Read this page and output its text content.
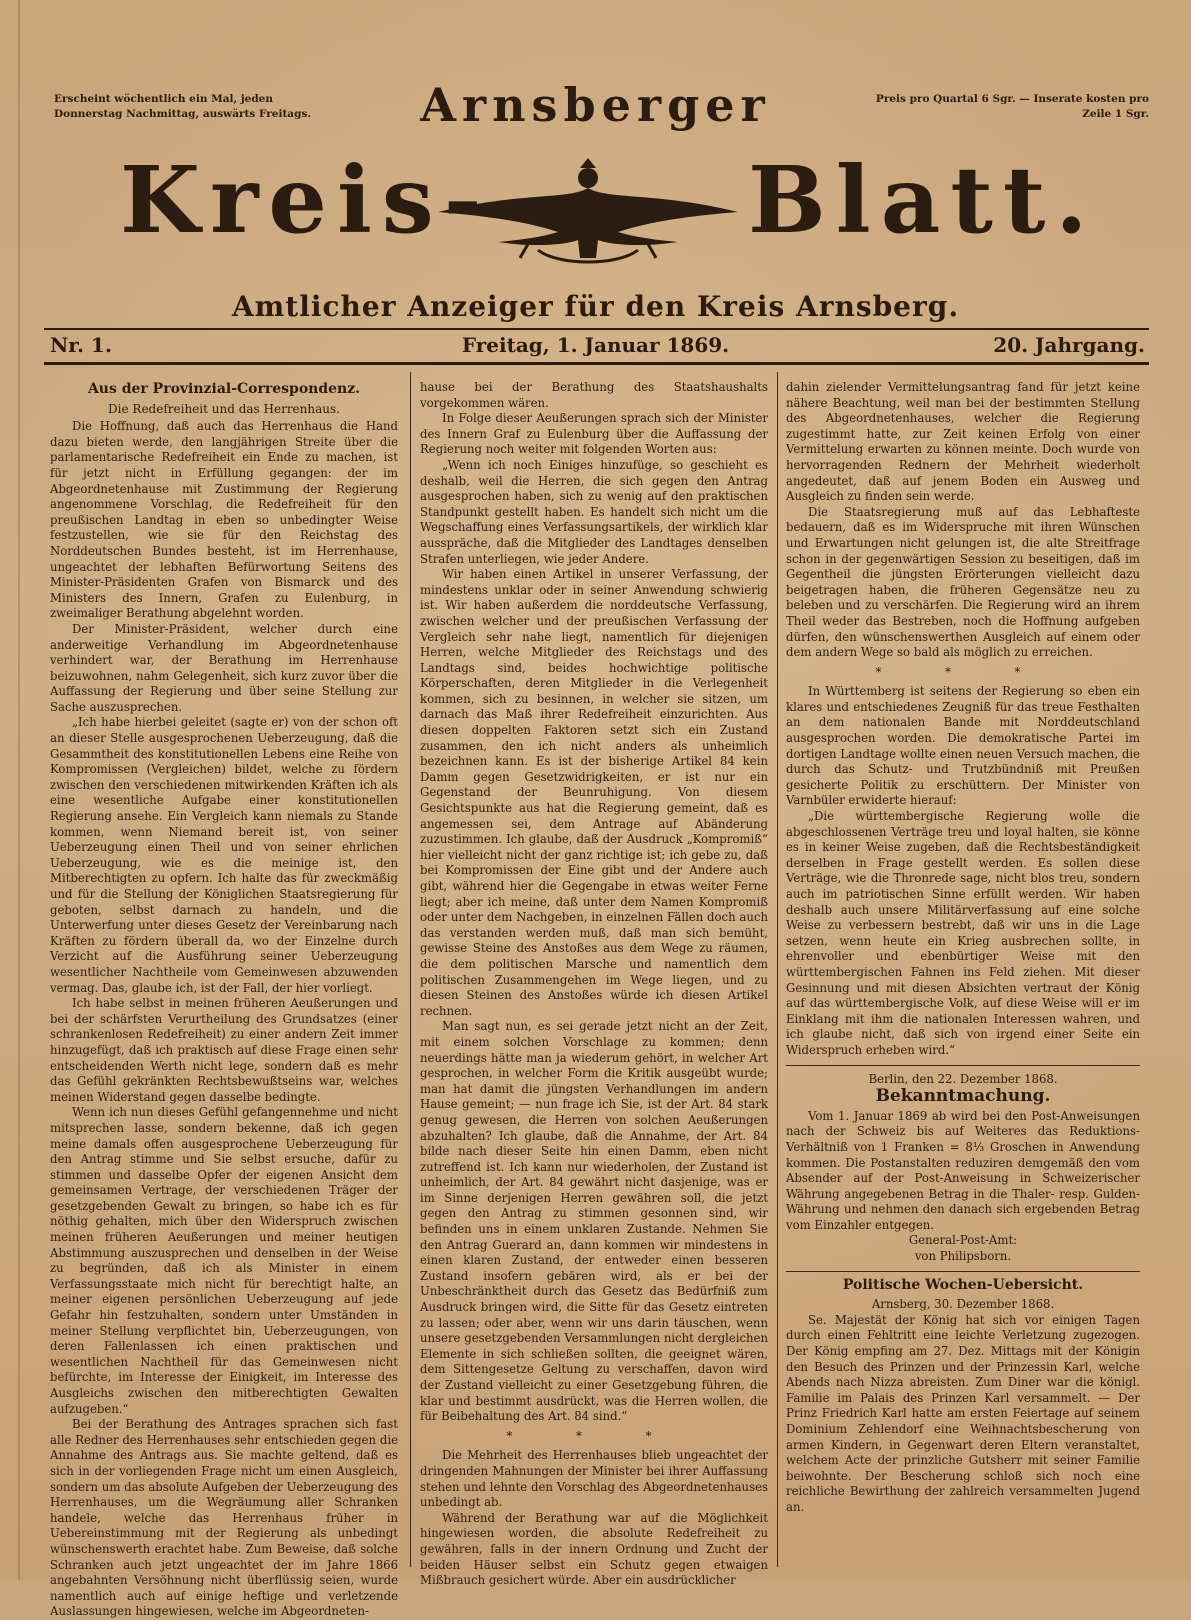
Erscheint wöchentlich ein Mal, jeden Donnerstag Nachmittag, auswärts Freitags.
Preis pro Quartal 6 Sgr. — Inserate kosten pro Zeile 1 Sgr.
Arnsberger
Kreis-	Blatt.
Amtlicher Anzeiger für den Kreis Arnsberg.
Nr. 1.	Freitag, 1. Januar 1869.	20. Jahrgang.
Aus der Provinzial-Correspondenz.
Die Redefreiheit und das Herrenhaus.

Die Hoffnung, daß auch das Herrenhaus die Hand dazu bieten werde, den langjährigen Streite über die parlamentarische Redefreiheit ein Ende zu machen, ist für jetzt nicht in Erfüllung gegangen: der im Abgeordnetenhause mit Zustimmung der Regierung angenommene Vorschlag, die Redefreiheit für den preußischen Landtag in eben so unbedingter Weise festzustellen, wie sie für den Reichstag des Norddeutschen Bundes besteht, ist im Herrenhause, ungeachtet der lebhaften Befürwortung Seitens des Minister-Präsidenten Grafen von Bismarck und des Ministers des Innern, Grafen zu Eulenburg, in zweimaliger Berathung abgelehnt worden.

Der Minister-Präsident, welcher durch eine anderweitige Verhandlung im Abgeordnetenhause verhindert war, der Berathung im Herrenhause beizuwohnen, nahm Gelegenheit, sich kurz zuvor über die Auffassung der Regierung und über seine Stellung zur Sache auszusprechen.

„Ich habe hierbei geleitet (sagte er) von der schon oft an dieser Stelle ausgesprochenen Ueberzeugung, daß die Gesammtheit des konstitutionellen Lebens eine Reihe von Kompromissen (Vergleichen) bildet, welche zu fördern zwischen den verschiedenen mitwirkenden Kräften ich als eine wesentliche Aufgabe einer konstitutionellen Regierung ansehe. Ein Vergleich kann niemals zu Stande kommen, wenn Niemand bereit ist, von seiner Ueberzeugung einen Theil und von seiner ehrlichen Ueberzeugung, wie es die meinige ist, den Mitberechtigten zu opfern. Ich halte das für zweckmäßig und für die Stellung der Königlichen Staatsregierung für geboten, selbst darnach zu handeln, und die Unterwerfung unter dieses Gesetz der Vereinbarung nach Kräften zu fördern überall da, wo der Einzelne durch Verzicht auf die Ausführung seiner Ueberzeugung wesentlicher Nachtheile vom Gemeinwesen abzuwenden vermag. Das, glaube ich, ist der Fall, der hier vorliegt.

Ich habe selbst in meinen früheren Aeußerungen und bei der schärfsten Verurtheilung des Grundsatzes (einer schrankenlosen Redefreiheit) zu einer andern Zeit immer hinzugefügt, daß ich praktisch auf diese Frage einen sehr entscheidenden Werth nicht lege, sondern daß es mehr das Gefühl gekränkten Rechtsbewußtseins war, welches meinen Widerstand gegen dasselbe bedingte.

Wenn ich nun dieses Gefühl gefangennehme und nicht mitsprechen lasse, sondern bekenne, daß ich gegen meine damals offen ausgesprochene Ueberzeugung für den Antrag stimme und Sie selbst ersuche, dafür zu stimmen und dasselbe Opfer der eigenen Ansicht dem gemeinsamen Vertrage, der verschiedenen Träger der gesetzgebenden Gewalt zu bringen, so habe ich es für nöthig gehalten, mich über den Widerspruch zwischen meinen früheren Aeußerungen und meiner heutigen Abstimmung auszusprechen und denselben in der Weise zu begründen, daß ich als Minister in einem Verfassungsstaate mich nicht für berechtigt halte, an meiner eigenen persönlichen Ueberzeugung auf jede Gefahr hin festzuhalten, sondern unter Umständen in meiner Stellung verpflichtet bin, Ueberzeugungen, von deren Fallenlassen ich einen praktischen und wesentlichen Nachtheil für das Gemeinwesen nicht befürchte, im Interesse der Einigkeit, im Interesse des Ausgleichs zwischen den mitberechtigten Gewalten aufzugeben.“

Bei der Berathung des Antrages sprachen sich fast alle Redner des Herrenhauses sehr entschieden gegen die Annahme des Antrags aus. Sie machte geltend, daß es sich in der vorliegenden Frage nicht um einen Ausgleich, sondern um das absolute Aufgeben der Ueberzeugung des Herrenhauses, um die Wegräumung aller Schranken handele, welche das Herrenhaus früher in Uebereinstimmung mit der Regierung als unbedingt wünschenswerth erachtet habe. Zum Beweise, daß solche Schranken auch jetzt ungeachtet der im Jahre 1866 angebahnten Versöhnung nicht überflüssig seien, wurde namentlich auch auf einige heftige und verletzende Auslassungen hingewiesen, welche im Abgeordneten-

hause bei der Berathung des Staatshaushalts vorgekommen wären.

In Folge dieser Aeußerungen sprach sich der Minister des Innern Graf zu Eulenburg über die Auffassung der Regierung noch weiter mit folgenden Worten aus:

„Wenn ich noch Einiges hinzufüge, so geschieht es deshalb, weil die Herren, die sich gegen den Antrag ausgesprochen haben, sich zu wenig auf den praktischen Standpunkt gestellt haben. Es handelt sich nicht um die Wegschaffung eines Verfassungsartikels, der wirklich klar ausspräche, daß die Mitglieder des Landtages denselben Strafen unterliegen, wie jeder Andere.

Wir haben einen Artikel in unserer Verfassung, der mindestens unklar oder in seiner Anwendung schwierig ist. Wir haben außerdem die norddeutsche Verfassung, zwischen welcher und der preußischen Verfassung der Vergleich sehr nahe liegt, namentlich für diejenigen Herren, welche Mitglieder des Reichstags und des Landtags sind, beides hochwichtige politische Körperschaften, deren Mitglieder in die Verlegenheit kommen, sich zu besinnen, in welcher sie sitzen, um darnach das Maß ihrer Redefreiheit einzurichten. Aus diesen doppelten Faktoren setzt sich ein Zustand zusammen, den ich nicht anders als unheimlich bezeichnen kann. Es ist der bisherige Artikel 84 kein Damm gegen Gesetzwidrigkeiten, er ist nur ein Gegenstand der Beunruhigung. Von diesem Gesichtspunkte aus hat die Regierung gemeint, daß es angemessen sei, dem Antrage auf Abänderung zuzustimmen. Ich glaube, daß der Ausdruck „Kompromiß“ hier vielleicht nicht der ganz richtige ist; ich gebe zu, daß bei Kompromissen der Eine gibt und der Andere auch gibt, während hier die Gegengabe in etwas weiter Ferne liegt; aber ich meine, daß unter dem Namen Kompromiß oder unter dem Nachgeben, in einzelnen Fällen doch auch das verstanden werden muß, daß man sich bemüht, gewisse Steine des Anstoßes aus dem Wege zu räumen, die dem politischen Marsche und namentlich dem politischen Zusammengehen im Wege liegen, und zu diesen Steinen des Anstoßes würde ich diesen Artikel rechnen.

Man sagt nun, es sei gerade jetzt nicht an der Zeit, mit einem solchen Vorschlage zu kommen; denn neuerdings hätte man ja wiederum gehört, in welcher Art gesprochen, in welcher Form die Kritik ausgeübt wurde; man hat damit die jüngsten Verhandlungen im andern Hause gemeint; — nun frage ich Sie, ist der Art. 84 stark genug gewesen, die Herren von solchen Aeußerungen abzuhalten? Ich glaube, daß die Annahme, der Art. 84 bilde nach dieser Seite hin einen Damm, eben nicht zutreffend ist. Ich kann nur wiederholen, der Zustand ist unheimlich, der Art. 84 gewährt nicht dasjenige, was er im Sinne derjenigen Herren gewähren soll, die jetzt gegen den Antrag zu stimmen gesonnen sind, wir befinden uns in einem unklaren Zustande. Nehmen Sie den Antrag Guerard an, dann kommen wir mindestens in einen klaren Zustand, der entweder einen besseren Zustand insofern gebären wird, als er bei der Unbeschränktheit durch das Gesetz das Bedürfniß zum Ausdruck bringen wird, die Sitte für das Gesetz eintreten zu lassen; oder aber, wenn wir uns darin täuschen, wenn unsere gesetzgebenden Versammlungen nicht dergleichen Elemente in sich schließen sollten, die geeignet wären, dem Sittengesetze Geltung zu verschaffen, davon wird der Zustand vielleicht zu einer Gesetzgebung führen, die klar und bestimmt ausdrückt, was die Herren wollen, die für Beibehaltung des Art. 84 sind.“

* * *

Die Mehrheit des Herrenhauses blieb ungeachtet der dringenden Mahnungen der Minister bei ihrer Auffassung stehen und lehnte den Vorschlag des Abgeordnetenhauses unbedingt ab.

Während der Berathung war auf die Möglichkeit hingewiesen worden, die absolute Redefreiheit zu gewähren, falls in der innern Ordnung und Zucht der beiden Häuser selbst ein Schutz gegen etwaigen Mißbrauch gesichert würde. Aber ein ausdrücklicher

dahin zielender Vermittelungsantrag fand für jetzt keine nähere Beachtung, weil man bei der bestimmten Stellung des Abgeordnetenhauses, welcher die Regierung zugestimmt hatte, zur Zeit keinen Erfolg von einer Vermittelung erwarten zu können meinte. Doch wurde von hervorragenden Rednern der Mehrheit wiederholt angedeutet, daß auf jenem Boden ein Ausweg und Ausgleich zu finden sein werde.

Die Staatsregierung muß auf das Lebhafteste bedauern, daß es im Widerspruche mit ihren Wünschen und Erwartungen nicht gelungen ist, die alte Streitfrage schon in der gegenwärtigen Session zu beseitigen, daß im Gegentheil die jüngsten Erörterungen vielleicht dazu beigetragen haben, die früheren Gegensätze neu zu beleben und zu verschärfen. Die Regierung wird an ihrem Theil weder das Bestreben, noch die Hoffnung aufgeben dürfen, den wünschenswerthen Ausgleich auf einem oder dem andern Wege so bald als möglich zu erreichen.

* * *

In Württemberg ist seitens der Regierung so eben ein klares und entschiedenes Zeugniß für das treue Festhalten an dem nationalen Bande mit Norddeutschland ausgesprochen worden. Die demokratische Partei im dortigen Landtage wollte einen neuen Versuch machen, die durch das Schutz- und Trutzbündniß mit Preußen gesicherte Politik zu erschüttern. Der Minister von Varnbüler erwiderte hierauf:

„Die württembergische Regierung wolle die abgeschlossenen Verträge treu und loyal halten, sie könne es in keiner Weise zugeben, daß die Rechtsbeständigkeit derselben in Frage gestellt werden. Es sollen diese Verträge, wie die Thronrede sage, nicht blos treu, sondern auch im patriotischen Sinne erfüllt werden. Wir haben deshalb auch unsere Militärverfassung auf eine solche Weise zu verbessern bestrebt, daß wir uns in die Lage setzen, wenn heute ein Krieg ausbrechen sollte, in ehrenvoller und ebenbürtiger Weise mit den württembergischen Fahnen ins Feld ziehen. Mit dieser Gesinnung und mit diesen Absichten vertraut der König auf das württembergische Volk, auf diese Weise will er im Einklang mit ihm die nationalen Interessen wahren, und ich glaube nicht, daß sich von irgend einer Seite ein Widerspruch erheben wird.“

Berlin, den 22. Dezember 1868.

Bekanntmachung.

Vom 1. Januar 1869 ab wird bei den Post-Anweisungen nach der Schweiz bis auf Weiteres das Reduktions-Verhältniß von 1 Franken = 8⅓ Groschen in Anwendung kommen. Die Postanstalten reduziren demgemäß den vom Absender auf der Post-Anweisung in Schweizerischer Währung angegebenen Betrag in die Thaler- resp. Gulden-Währung und nehmen den danach sich ergebenden Betrag vom Einzahler entgegen.

General-Post-Amt:

von Philipsborn.

Politische Wochen-Uebersicht.

Arnsberg, 30. Dezember 1868.

Se. Majestät der König hat sich vor einigen Tagen durch einen Fehltritt eine leichte Verletzung zugezogen. Der König empfing am 27. Dez. Mittags mit der Königin den Besuch des Prinzen und der Prinzessin Karl, welche Abends nach Nizza abreisten. Zum Diner war die königl. Familie im Palais des Prinzen Karl versammelt. — Der Prinz Friedrich Karl hatte am ersten Feiertage auf seinem Dominium Zehlendorf eine Weihnachtsbescherung von armen Kindern, in Gegenwart deren Eltern veranstaltet, welchem Acte der prinzliche Gutsherr mit seiner Familie beiwohnte. Der Bescherung schloß sich noch eine reichliche Bewirthung der zahlreich versammelten Jugend an.
